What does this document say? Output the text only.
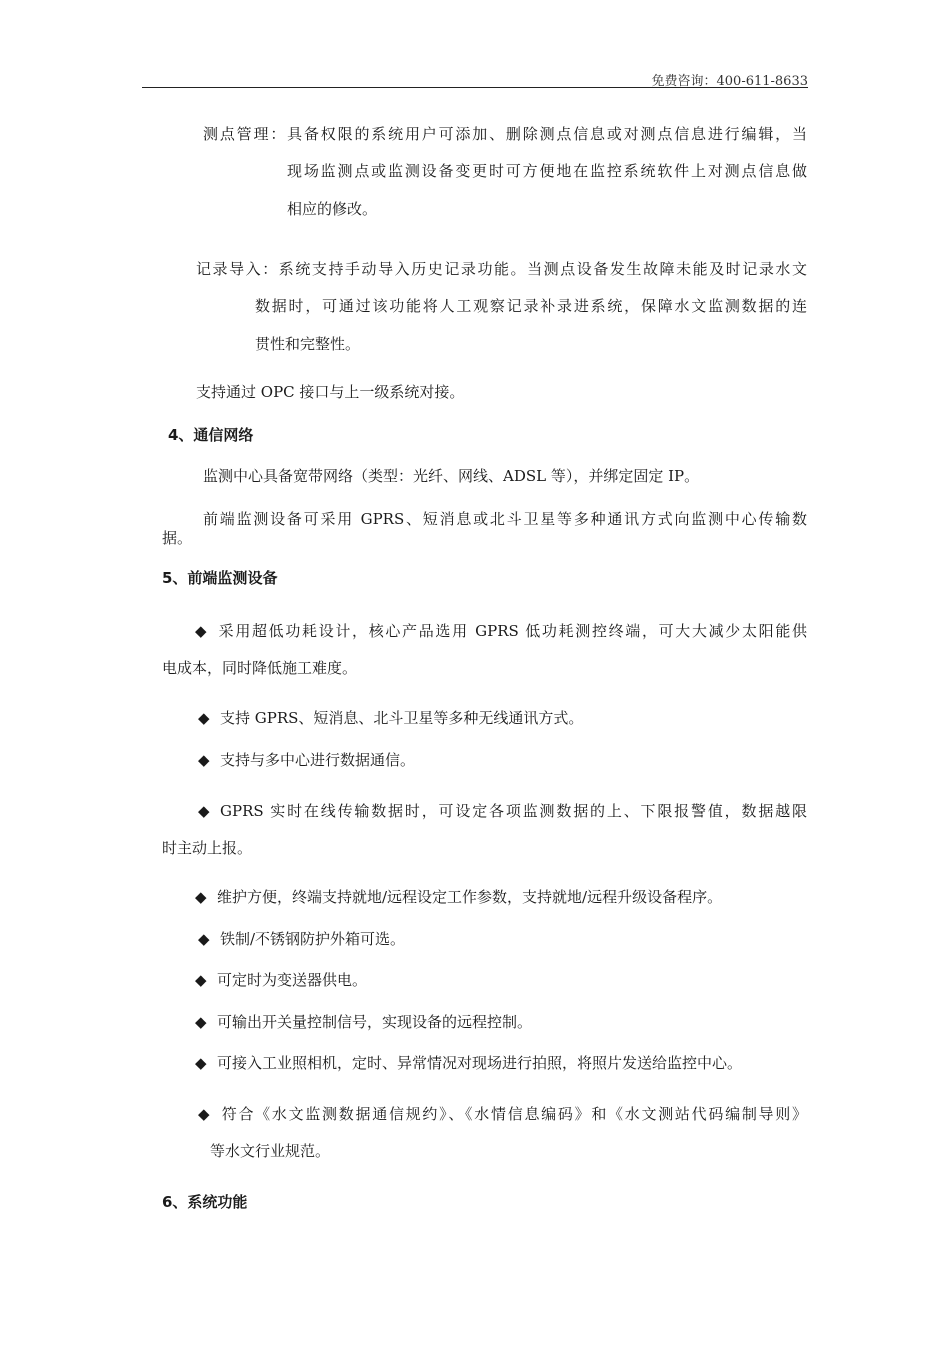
免费咨询：400-611-8633
测点管理：具备权限的系统用户可添加、删除测点信息或对测点信息进行编辑，当
现场监测点或监测设备变更时可方便地在监控系统软件上对测点信息做
相应的修改。
记录导入：系统支持手动导入历史记录功能。当测点设备发生故障未能及时记录水文
数据时，可通过该功能将人工观察记录补录进系统，保障水文监测数据的连
贯性和完整性。
支持通过 OPC 接口与上一级系统对接。
4、通信网络
监测中心具备宽带网络（类型：光纤、网线、ADSL 等），并绑定固定 IP。
前端监测设备可采用 GPRS、短消息或北斗卫星等多种通讯方式向监测中心传输数
据。
5、前端监测设备
◆ 采用超低功耗设计，核心产品选用 GPRS 低功耗测控终端，可大大减少太阳能供
电成本，同时降低施工难度。
◆ 支持 GPRS、短消息、北斗卫星等多种无线通讯方式。
◆ 支持与多中心进行数据通信。
◆ GPRS 实时在线传输数据时，可设定各项监测数据的上、下限报警值，数据越限
时主动上报。
◆ 维护方便，终端支持就地/远程设定工作参数，支持就地/远程升级设备程序。
◆ 铁制/不锈钢防护外箱可选。
◆ 可定时为变送器供电。
◆ 可输出开关量控制信号，实现设备的远程控制。
◆ 可接入工业照相机，定时、异常情况对现场进行拍照，将照片发送给监控中心。
◆ 符合《水文监测数据通信规约》、《水情信息编码》和《水文测站代码编制导则》
等水文行业规范。
6、系统功能
